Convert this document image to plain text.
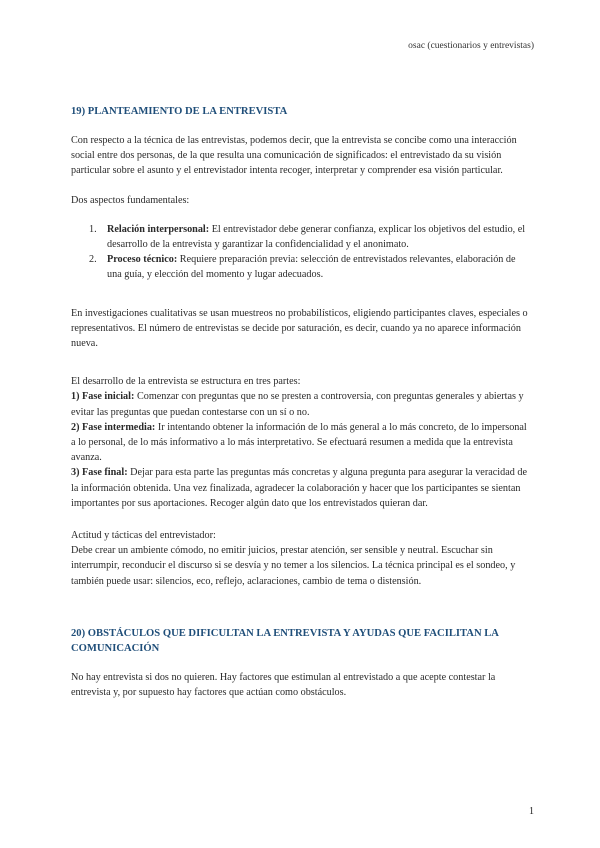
osac (cuestionarios y entrevistas)
19) PLANTEAMIENTO DE LA ENTREVISTA

Con respecto a la técnica de las entrevistas, podemos decir, que la entrevista se concibe como una interacción social entre dos personas, de la que resulta una comunicación de significados: el entrevistado da su visión particular sobre el asunto y el entrevistador intenta recoger, interpretar y comprender esa visión particular.

Dos aspectos fundamentales:

1. Relación interpersonal: El entrevistador debe generar confianza, explicar los objetivos del estudio, el desarrollo de la entrevista y garantizar la confidencialidad y el anonimato.
2. Proceso técnico: Requiere preparación previa: selección de entrevistados relevantes, elaboración de una guía, y elección del momento y lugar adecuados.

En investigaciones cualitativas se usan muestreos no probabilísticos, eligiendo participantes claves, especiales o representativos. El número de entrevistas se decide por saturación, es decir, cuando ya no aparece información nueva.

El desarrollo de la entrevista se estructura en tres partes:

1) Fase inicial: Comenzar con preguntas que no se presten a controversia, con preguntas generales y abiertas y evitar las preguntas que puedan contestarse con un sí o no.

2) Fase intermedia: Ir intentando obtener la información de lo más general a lo más concreto, de lo impersonal a lo personal, de lo más informativo a lo más interpretativo. Se efectuará resumen a medida que la entrevista avanza.

3) Fase final: Dejar para esta parte las preguntas más concretas y alguna pregunta para asegurar la veracidad de la información obtenida. Una vez finalizada, agradecer la colaboración y hacer que los participantes se sientan importantes por sus aportaciones. Recoger algún dato que los entrevistados quieran dar.

Actitud y tácticas del entrevistador:

Debe crear un ambiente cómodo, no emitir juicios, prestar atención, ser sensible y neutral. Escuchar sin interrumpir, reconducir el discurso si se desvía y no temer a los silencios. La técnica principal es el sondeo, y también puede usar: silencios, eco, reflejo, aclaraciones, cambio de tema o distensión.

20) OBSTÁCULOS QUE DIFICULTAN LA ENTREVISTA Y AYUDAS QUE FACILITAN LA COMUNICACIÓN

No hay entrevista si dos no quieren. Hay factores que estimulan al entrevistado a que acepte contestar la entrevista y, por supuesto hay factores que actúan como obstáculos.

1
